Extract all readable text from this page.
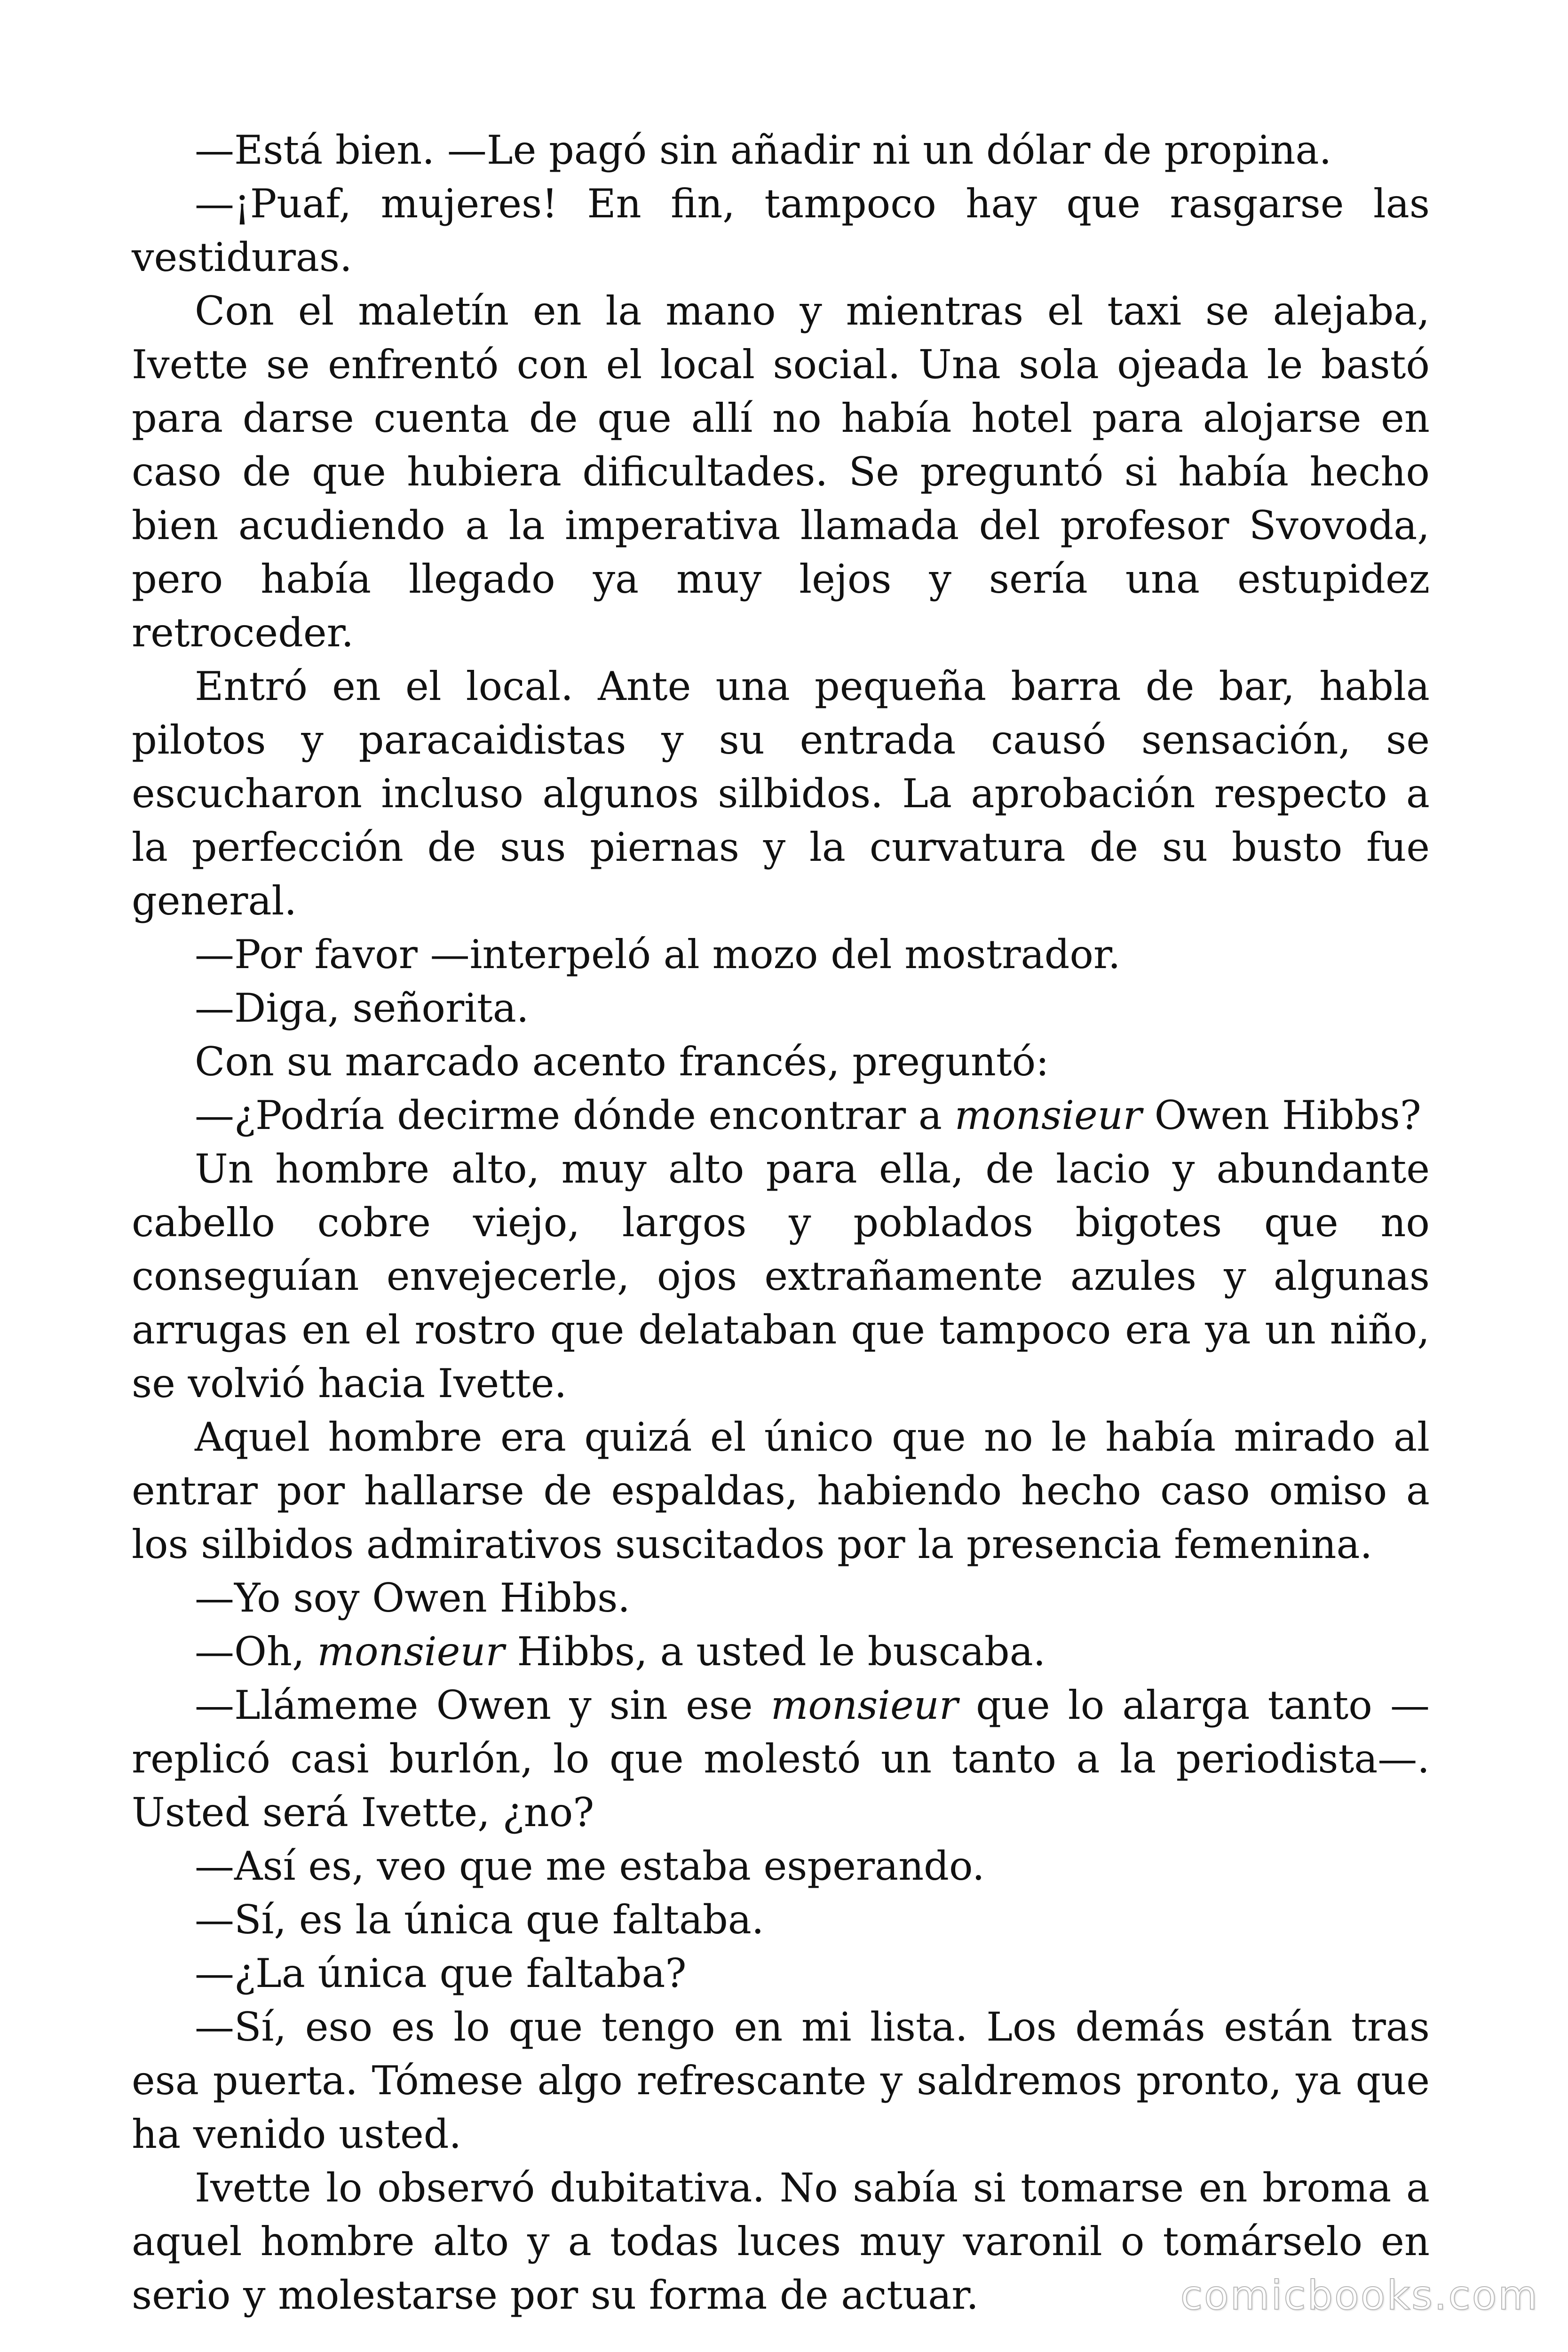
—Está bien. —Le pagó sin añadir ni un dólar de propina.

—¡Puaf, mujeres! En fin, tampoco hay que rasgarse las vestiduras.

Con el maletín en la mano y mientras el taxi se alejaba, Ivette se enfrentó con el local social. Una sola ojeada le bastó para darse cuenta de que allí no había hotel para alojarse en caso de que hubiera dificultades. Se preguntó si había hecho bien acudiendo a la imperativa llamada del profesor Svovoda, pero había llegado ya muy lejos y sería una estupidez retroceder.

Entró en el local. Ante una pequeña barra de bar, habla pilotos y paracaidistas y su entrada causó sensación, se escucharon incluso algunos silbidos. La aprobación respecto a la perfección de sus piernas y la curvatura de su busto fue general.

—Por favor —interpeló al mozo del mostrador.

—Diga, señorita.

Con su marcado acento francés, preguntó:

—¿Podría decirme dónde encontrar a monsieur Owen Hibbs?

Un hombre alto, muy alto para ella, de lacio y abundante cabello cobre viejo, largos y poblados bigotes que no conseguían envejecerle, ojos extrañamente azules y algunas arrugas en el rostro que delataban que tampoco era ya un niño, se volvió hacia Ivette.

Aquel hombre era quizá el único que no le había mirado al entrar por hallarse de espaldas, habiendo hecho caso omiso a los silbidos admirativos suscitados por la presencia femenina.

—Yo soy Owen Hibbs.

—Oh, monsieur Hibbs, a usted le buscaba.

—Llámeme Owen y sin ese monsieur que lo alarga tanto —replicó casi burlón, lo que molestó un tanto a la periodista—. Usted será Ivette, ¿no?

—Así es, veo que me estaba esperando.

—Sí, es la única que faltaba.

—¿La única que faltaba?

—Sí, eso es lo que tengo en mi lista. Los demás están tras esa puerta. Tómese algo refrescante y saldremos pronto, ya que ha venido usted.

Ivette lo observó dubitativa. No sabía si tomarse en broma a aquel hombre alto y a todas luces muy varonil o tomárselo en serio y molestarse por su forma de actuar.	comicbooks.com
